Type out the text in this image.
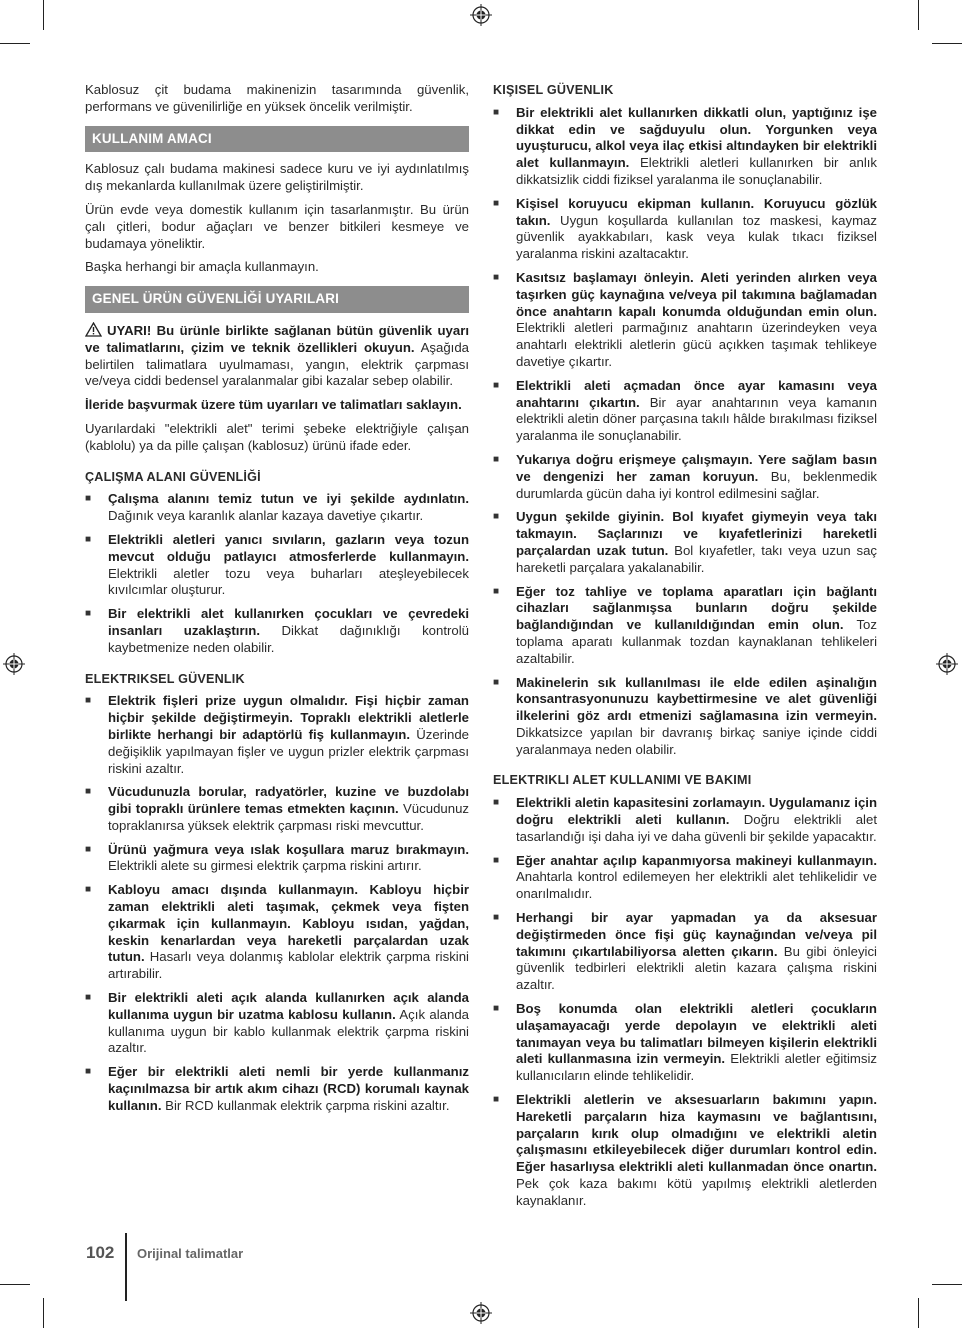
Kablosuz çit budama makinenizin tasarımında güvenlik, performans ve güvenilirliğe en yüksek öncelik verilmiştir.

KULLANIM AMACI

Kablosuz çalı budama makinesi sadece kuru ve iyi aydınlatılmış dış mekanlarda kullanılmak üzere geliştirilmiştir.

Ürün evde veya domestik kullanım için tasarlanmıştır. Bu ürün çalı çitleri, bodur ağaçları ve benzer bitkileri kesmeye ve budamaya yöneliktir.

Başka herhangi bir amaçla kullanmayın.

GENEL ÜRÜN GÜVENLİĞİ UYARILARI

UYARI! Bu ürünle birlikte sağlanan bütün güvenlik uyarı ve talimatlarını, çizim ve teknik özellikleri okuyun. Aşağıda belirtilen talimatlara uyulmaması, yangın, elektrik çarpması ve/veya ciddi bedensel yaralanmalar gibi kazalar sebep olabilir.

İleride başvurmak üzere tüm uyarıları ve talimatları saklayın.

Uyarılardaki "elektrikli alet" terimi şebeke elektriğiyle çalışan (kablolu) ya da pille çalışan (kablosuz) ürünü ifade eder.

ÇALIŞMA ALANI GÜVENLİĞİ
■ Çalışma alanını temiz tutun ve iyi şekilde aydınlatın. Dağınık veya karanlık alanlar kazaya davetiye çıkartır.
■ Elektrikli aletleri yanıcı sıvıların, gazların veya tozun mevcut olduğu patlayıcı atmosferlerde kullanmayın. Elektrikli aletler tozu veya buharları ateşleyebilecek kıvılcımlar oluşturur.
■ Bir elektrikli alet kullanırken çocukları ve çevredeki insanları uzaklaştırın. Dikkat dağınıklığı kontrolü kaybetmenize neden olabilir.
ELEKTRIKSEL GÜVENLIK
■ Elektrik fişleri prize uygun olmalıdır. Fişi hiçbir zaman hiçbir şekilde değiştirmeyin. Topraklı elektrikli aletlerle birlikte herhangi bir adaptörlü fiş kullanmayın. Üzerinde değişiklik yapılmayan fişler ve uygun prizler elektrik çarpması riskini azaltır.
■ Vücudunuzla borular, radyatörler, kuzine ve buzdolabı gibi topraklı ürünlere temas etmekten kaçının. Vücudunuz topraklanırsa yüksek elektrik çarpması riski mevcuttur.
■ Ürünü yağmura veya ıslak koşullara maruz bırakmayın. Elektrikli alete su girmesi elektrik çarpma riskini artırır.
■ Kabloyu amacı dışında kullanmayın. Kabloyu hiçbir zaman elektrikli aleti taşımak, çekmek veya fişten çıkarmak için kullanmayın. Kabloyu ısıdan, yağdan, keskin kenarlardan veya hareketli parçalardan uzak tutun. Hasarlı veya dolanmış kablolar elektrik çarpma riskini artırabilir.
■ Bir elektrikli aleti açık alanda kullanırken açık alanda kullanıma uygun bir uzatma kablosu kullanın. Açık alanda kullanıma uygun bir kablo kullanmak elektrik çarpma riskini azaltır.
■ Eğer bir elektrikli aleti nemli bir yerde kullanmanız kaçınılmazsa bir artık akım cihazı (RCD) korumalı kaynak kullanın. Bir RCD kullanmak elektrik çarpma riskini azaltır.
KIŞISEL GÜVENLIK
■ Bir elektrikli alet kullanırken dikkatli olun, yaptığınız işe dikkat edin ve sağduyulu olun. Yorgunken veya uyuşturucu, alkol veya ilaç etkisi altındayken bir elektrikli alet kullanmayın. Elektrikli aletleri kullanırken bir anlık dikkatsizlik ciddi fiziksel yaralanma ile sonuçlanabilir.
■ Kişisel koruyucu ekipman kullanın. Koruyucu gözlük takın. Uygun koşullarda kullanılan toz maskesi, kaymaz güvenlik ayakkabıları, kask veya kulak tıkacı fiziksel yaralanma riskini azaltacaktır.
■ Kasıtsız başlamayı önleyin. Aleti yerinden alırken veya taşırken güç kaynağına ve/veya pil takımına bağlamadan önce anahtarın kapalı konumda olduğundan emin olun. Elektrikli aletleri parmağınız anahtarın üzerindeyken veya anahtarlı elektrikli aletlerin gücü açıkken taşımak tehlikeye davetiye çıkartır.
■ Elektrikli aleti açmadan önce ayar kamasını veya anahtarını çıkartın. Bir ayar anahtarının veya kamanın elektrikli aletin döner parçasına takılı hâlde bırakılması fiziksel yaralanma ile sonuçlanabilir.
■ Yukarıya doğru erişmeye çalışmayın. Yere sağlam basın ve dengenizi her zaman koruyun. Bu, beklenmedik durumlarda gücün daha iyi kontrol edilmesini sağlar.
■ Uygun şekilde giyinin. Bol kıyafet giymeyin veya takı takmayın. Saçlarınızı ve kıyafetlerinizi hareketli parçalardan uzak tutun. Bol kıyafetler, takı veya uzun saç hareketli parçalara yakalanabilir.
■ Eğer toz tahliye ve toplama aparatları için bağlantı cihazları sağlanmışsa bunların doğru şekilde bağlandığından ve kullanıldığından emin olun. Toz toplama aparatı kullanmak tozdan kaynaklanan tehlikeleri azaltabilir.
■ Makinelerin sık kullanılması ile elde edilen aşinalığın konsantrasyonunuzu kaybettirmesine ve alet güvenliği ilkelerini göz ardı etmenizi sağlamasına izin vermeyin. Dikkatsizce yapılan bir davranış birkaç saniye içinde ciddi yaralanmaya neden olabilir.
ELEKTRIKLI ALET KULLANIMI VE BAKIMI
■ Elektrikli aletin kapasitesini zorlamayın. Uygulamanız için doğru elektrikli aleti kullanın. Doğru elektrikli alet tasarlandığı işi daha iyi ve daha güvenli bir şekilde yapacaktır.
■ Eğer anahtar açılıp kapanmıyorsa makineyi kullanmayın. Anahtarla kontrol edilemeyen her elektrikli alet tehlikelidir ve onarılmalıdır.
■ Herhangi bir ayar yapmadan ya da aksesuar değiştirmeden önce fişi güç kaynağından ve/veya pil takımını çıkartılabiliyorsa aletten çıkarın. Bu gibi önleyici güvenlik tedbirleri elektrikli aletin kazara çalışma riskini azaltır.
■ Boş konumda olan elektrikli aletleri çocukların ulaşamayacağı yerde depolayın ve elektrikli aleti tanımayan veya bu talimatları bilmeyen kişilerin elektrikli aleti kullanmasına izin vermeyin. Elektrikli aletler eğitimsiz kullanıcıların elinde tehlikelidir.
■ Elektrikli aletlerin ve aksesuarların bakımını yapın. Hareketli parçaların hiza kaymasını ve bağlantısını, parçaların kırık olup olmadığını ve elektrikli aletin çalışmasını etkileyebilecek diğer durumları kontrol edin. Eğer hasarlıysa elektrikli aleti kullanmadan önce onartın. Pek çok kaza bakımı kötü yapılmış elektrikli aletlerden kaynaklanır.
102 Orijinal talimatlar
